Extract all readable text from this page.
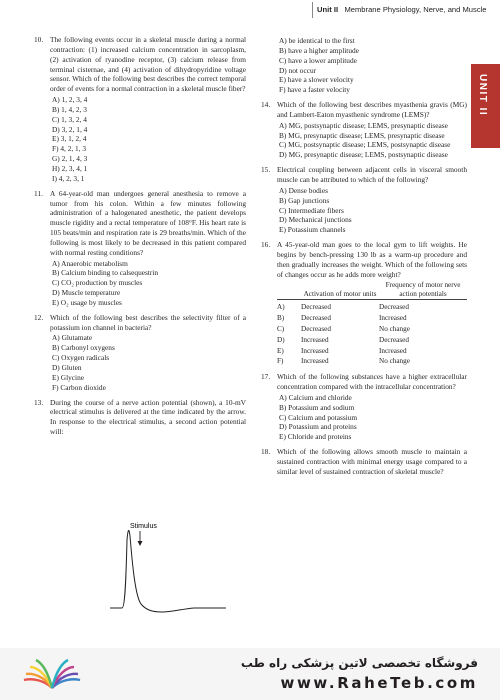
Unit II Membrane Physiology, Nerve, and Muscle
UNIT II
10. The following events occur in a skeletal muscle during a normal contraction: (1) increased calcium concentration in sarcoplasm, (2) activation of ryanodine receptor, (3) calcium release from terminal cisternae, and (4) activation of dihydropyridine voltage sensor. Which of the following best describes the correct temporal order of events for a normal contraction in a skeletal muscle fiber?
A) 1, 2, 3, 4
B) 1, 4, 2, 3
C) 1, 3, 2, 4
D) 3, 2, 1, 4
E) 3, 1, 2, 4
F) 4, 2, 1, 3
G) 2, 1, 4, 3
H) 2, 3, 4, 1
I) 4, 2, 3, 1
11. A 64-year-old man undergoes general anesthesia to remove a tumor from his colon. Within a few minutes following administration of a halogenated anesthetic, the patient develops muscle rigidity and a rectal temperature of 108°F. His heart rate is 105 beats/min and respiration rate is 29 breaths/min. Which of the following is most likely to be decreased in this patient compared with normal resting conditions?
A) Anaerobic metabolism
B) Calcium binding to calsequestrin
C) CO₂ production by muscles
D) Muscle temperature
E) O₂ usage by muscles
12. Which of the following best describes the selectivity filter of a potassium ion channel in bacteria?
A) Glutamate
B) Carbonyl oxygens
C) Oxygen radicals
D) Gluten
E) Glycine
F) Carbon dioxide
13. During the course of a nerve action potential (shown), a 10-mV electrical stimulus is delivered at the time indicated by the arrow. In response to the electrical stimulus, a second action potential will:
A) be identical to the first
B) have a higher amplitude
C) have a lower amplitude
D) not occur
E) have a slower velocity
F) have a faster velocity
14. Which of the following best describes myasthenia gravis (MG) and Lambert-Eaton myasthenic syndrome (LEMS)?
A) MG, postsynaptic disease; LEMS, presynaptic disease
B) MG, presynaptic disease; LEMS, presynaptic disease
C) MG, postsynaptic disease; LEMS, postsynaptic disease
D) MG, presynaptic disease; LEMS, postsynaptic disease
15. Electrical coupling between adjacent cells in visceral smooth muscle can be attributed to which of the following?
A) Dense bodies
B) Gap junctions
C) Intermediate fibers
D) Mechanical junctions
E) Potassium channels
16. A 45-year-old man goes to the local gym to lift weights. He begins by bench-pressing 130 lb as a warm-up procedure and then gradually increases the weight. Which of the following sets of changes occur as he adds more weight?
	Activation of motor units	Frequency of motor nerve action potentials

A)	Decreased	Decreased
B)	Decreased	Increased
C)	Decreased	No change
D)	Increased	Decreased
E)	Increased	Increased
F)	Increased	No change
17. Which of the following substances have a higher extracellular concentration compared with the intracellular concentration?
A) Calcium and chloride
B) Potassium and sodium
C) Calcium and potassium
D) Potassium and proteins
E) Chloride and proteins
18. Which of the following allows smooth muscle to maintain a sustained contraction with minimal energy usage compared to a similar level of sustained contraction of skeletal muscle?
Stimulus
فروشگاه تخصصی لاتین پزشکی راه طب
www.RaheTeb.com
